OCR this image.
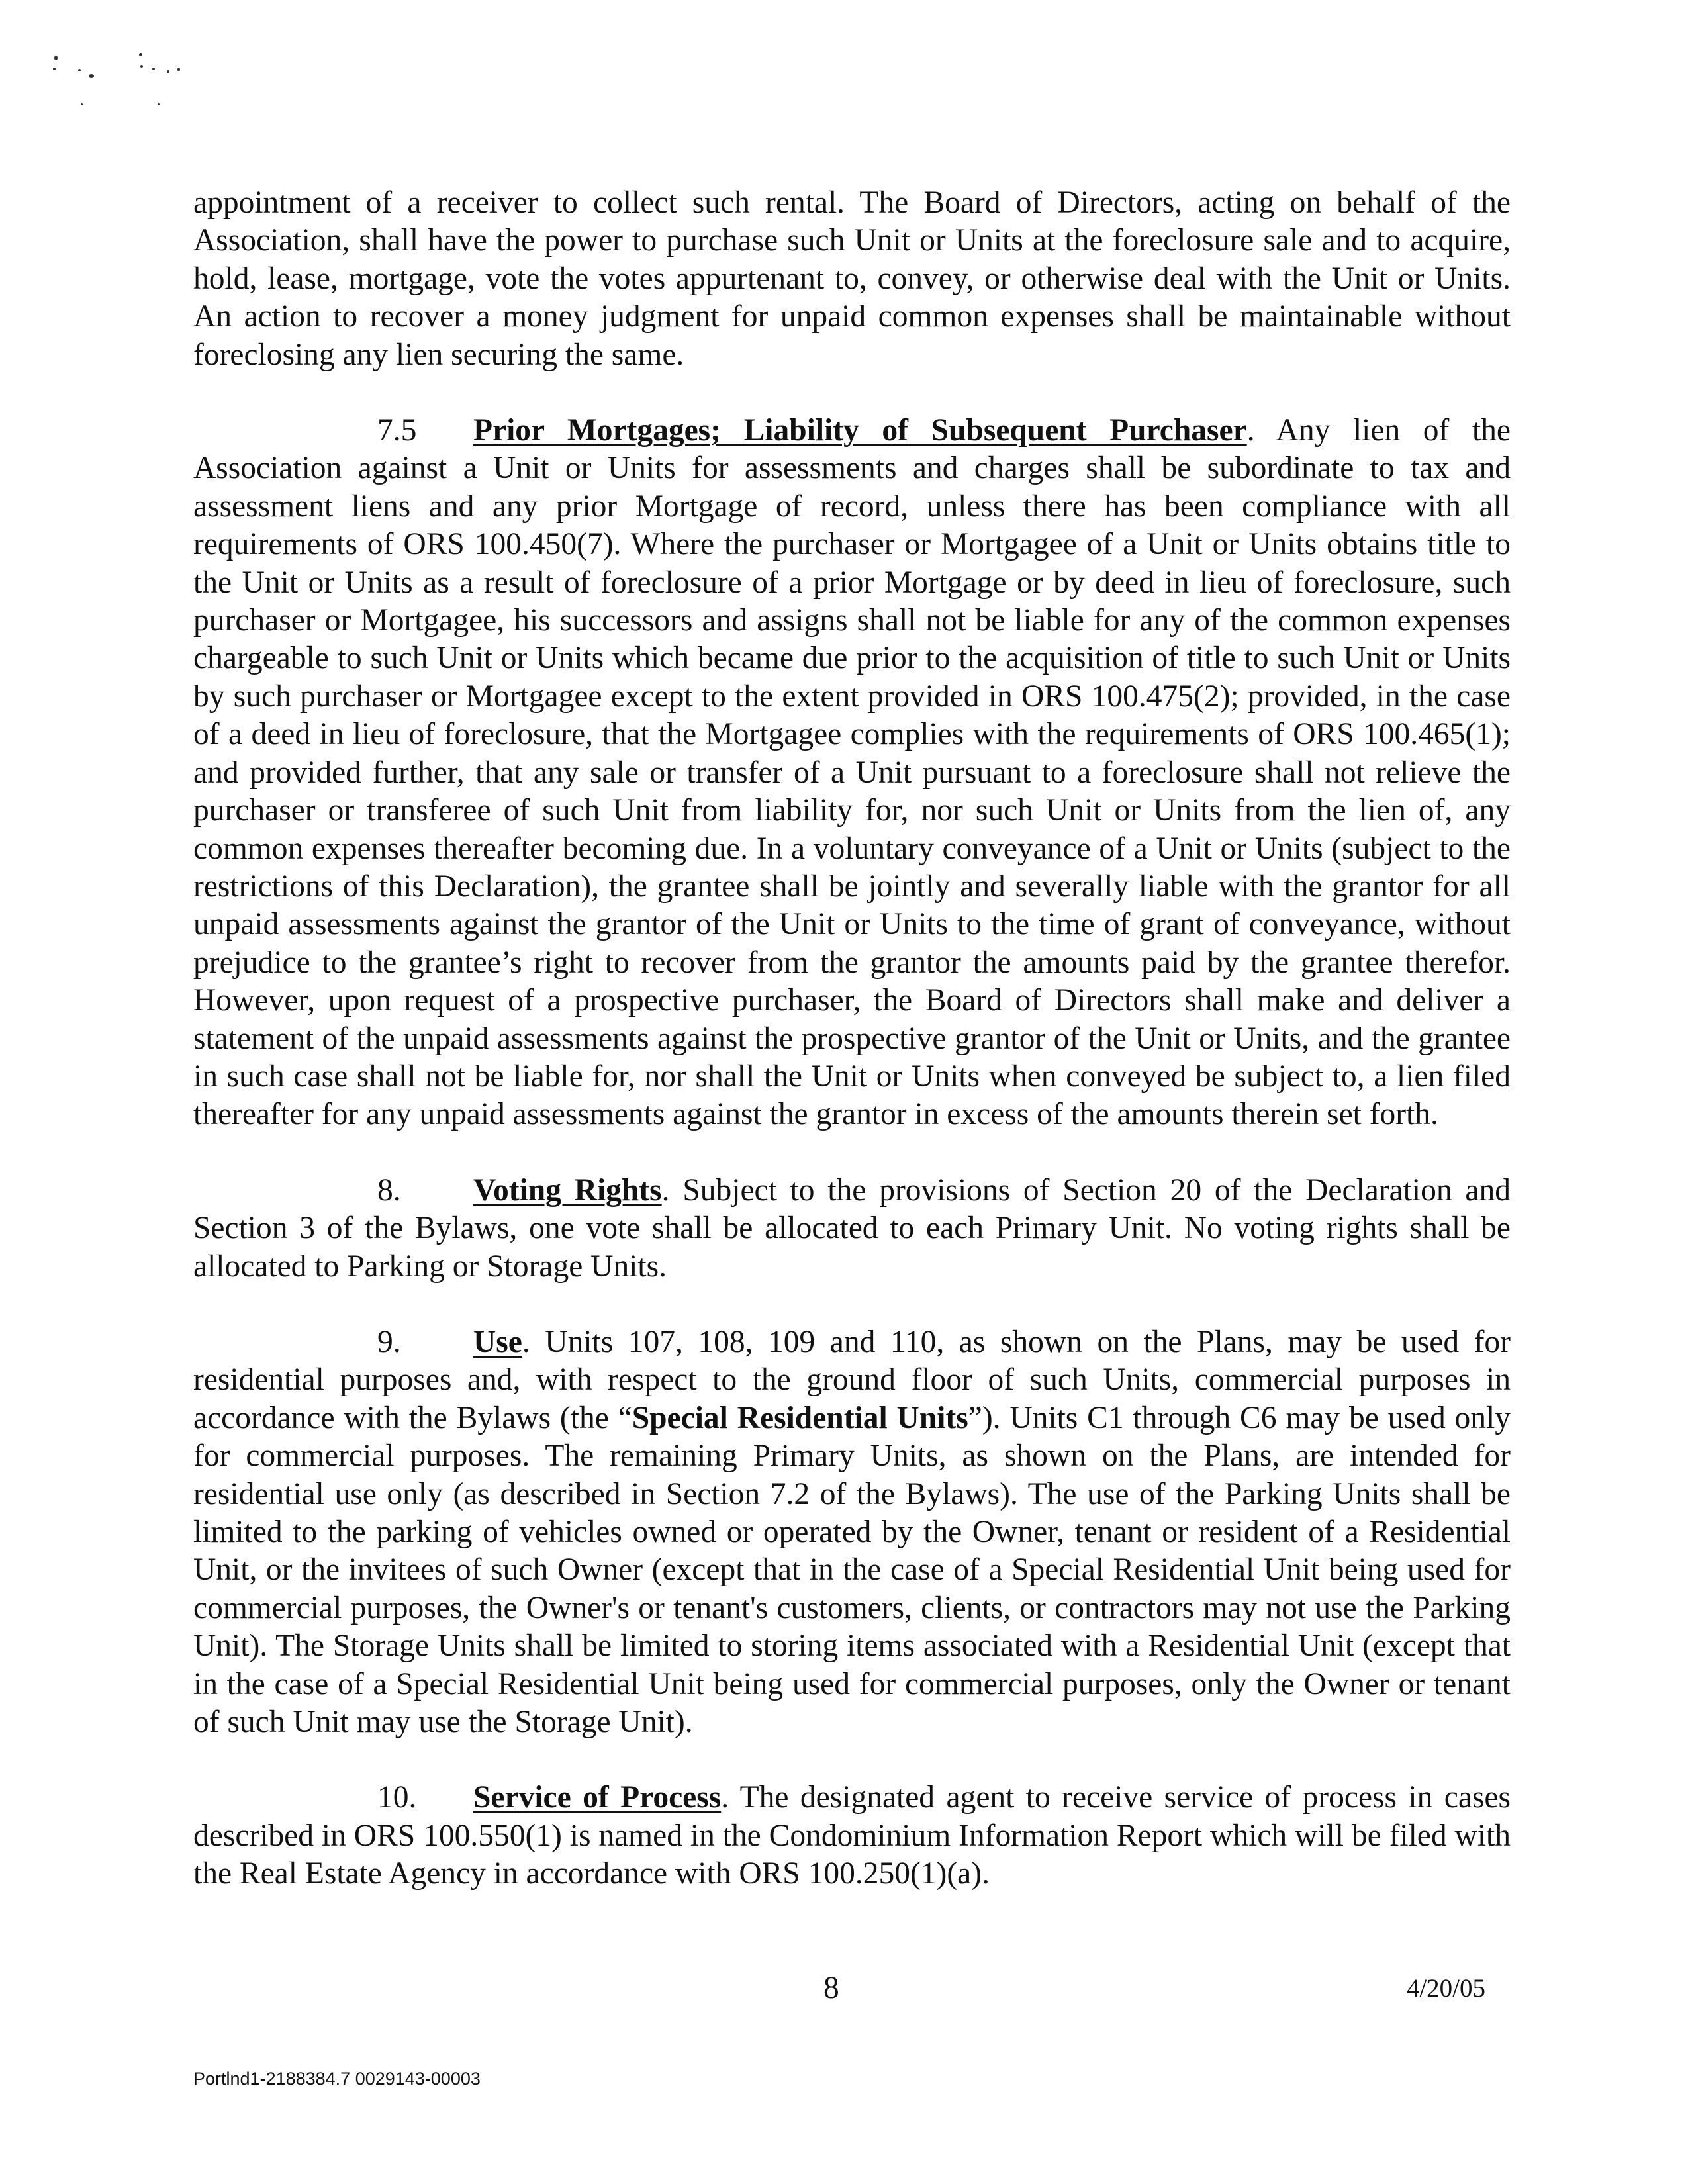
appointment of a receiver to collect such rental. The Board of Directors, acting on behalf of the Association, shall have the power to purchase such Unit or Units at the foreclosure sale and to acquire, hold, lease, mortgage, vote the votes appurtenant to, convey, or otherwise deal with the Unit or Units. An action to recover a money judgment for unpaid common expenses shall be maintainable without foreclosing any lien securing the same.

7.5 Prior Mortgages; Liability of Subsequent Purchaser. Any lien of the Association against a Unit or Units for assessments and charges shall be subordinate to tax and assessment liens and any prior Mortgage of record, unless there has been compliance with all requirements of ORS 100.450(7). Where the purchaser or Mortgagee of a Unit or Units obtains title to the Unit or Units as a result of foreclosure of a prior Mortgage or by deed in lieu of foreclosure, such purchaser or Mortgagee, his successors and assigns shall not be liable for any of the common expenses chargeable to such Unit or Units which became due prior to the acquisition of title to such Unit or Units by such purchaser or Mortgagee except to the extent provided in ORS 100.475(2); provided, in the case of a deed in lieu of foreclosure, that the Mortgagee complies with the requirements of ORS 100.465(1); and provided further, that any sale or transfer of a Unit pursuant to a foreclosure shall not relieve the purchaser or transferee of such Unit from liability for, nor such Unit or Units from the lien of, any common expenses thereafter becoming due. In a voluntary conveyance of a Unit or Units (subject to the restrictions of this Declaration), the grantee shall be jointly and severally liable with the grantor for all unpaid assessments against the grantor of the Unit or Units to the time of grant of conveyance, without prejudice to the grantee’s right to recover from the grantor the amounts paid by the grantee therefor. However, upon request of a prospective purchaser, the Board of Directors shall make and deliver a statement of the unpaid assessments against the prospective grantor of the Unit or Units, and the grantee in such case shall not be liable for, nor shall the Unit or Units when conveyed be subject to, a lien filed thereafter for any unpaid assessments against the grantor in excess of the amounts therein set forth.

8. Voting Rights. Subject to the provisions of Section 20 of the Declaration and Section 3 of the Bylaws, one vote shall be allocated to each Primary Unit. No voting rights shall be allocated to Parking or Storage Units.

9. Use. Units 107, 108, 109 and 110, as shown on the Plans, may be used for residential purposes and, with respect to the ground floor of such Units, commercial purposes in accordance with the Bylaws (the “Special Residential Units”). Units C1 through C6 may be used only for commercial purposes. The remaining Primary Units, as shown on the Plans, are intended for residential use only (as described in Section 7.2 of the Bylaws). The use of the Parking Units shall be limited to the parking of vehicles owned or operated by the Owner, tenant or resident of a Residential Unit, or the invitees of such Owner (except that in the case of a Special Residential Unit being used for commercial purposes, the Owner's or tenant's customers, clients, or contractors may not use the Parking Unit). The Storage Units shall be limited to storing items associated with a Residential Unit (except that in the case of a Special Residential Unit being used for commercial purposes, only the Owner or tenant of such Unit may use the Storage Unit).

10. Service of Process. The designated agent to receive service of process in cases described in ORS 100.550(1) is named in the Condominium Information Report which will be filed with the Real Estate Agency in accordance with ORS 100.250(1)(a).

8	4/20/05
Portlnd1-2188384.7 0029143-00003
